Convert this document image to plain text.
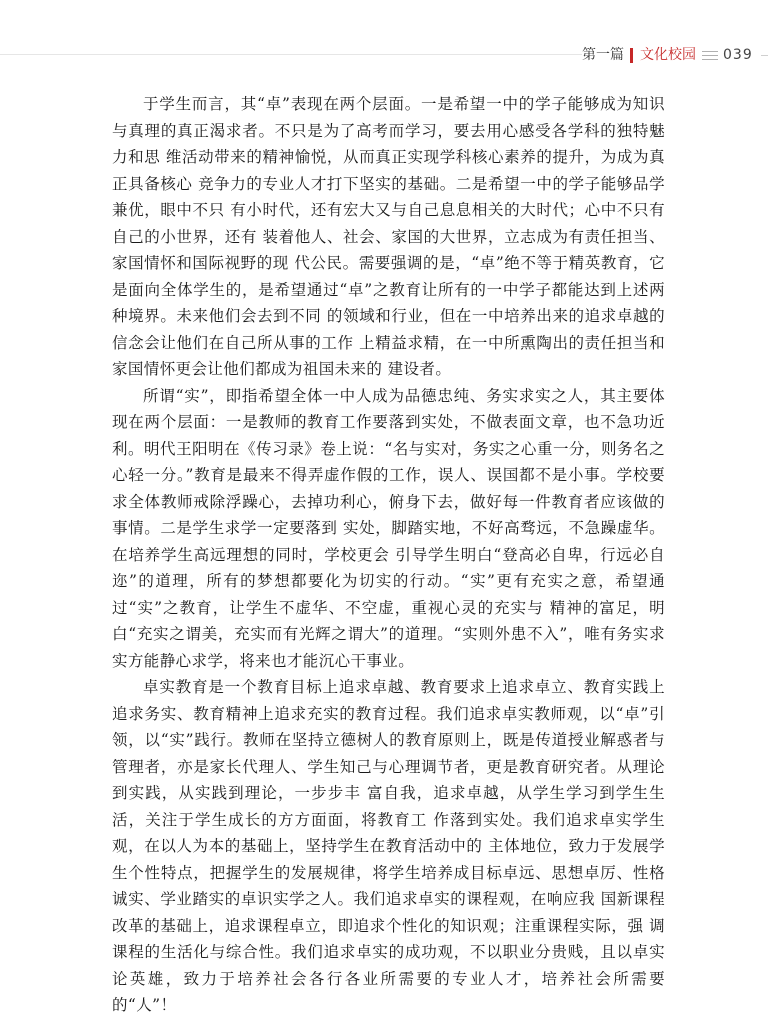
第一篇 文化校园 039

于学生而言，其“卓”表现在两个层面。一是希望一中的学子能够成为知识与真理的真正渴求者。不只是为了高考而学习，要去用心感受各学科的独特魅力和思 维活动带来的精神愉悦，从而真正实现学科核心素养的提升，为成为真正具备核心 竞争力的专业人才打下坚实的基础。二是希望一中的学子能够品学兼优，眼中不只 有小时代，还有宏大又与自己息息相关的大时代；心中不只有自己的小世界，还有 装着他人、社会、家国的大世界，立志成为有责任担当、家国情怀和国际视野的现 代公民。需要强调的是，“卓”绝不等于精英教育，它是面向全体学生的，是希望通过“卓”之教育让所有的一中学子都能达到上述两种境界。未来他们会去到不同 的领域和行业，但在一中培养出来的追求卓越的信念会让他们在自己所从事的工作 上精益求精，在一中所熏陶出的责任担当和家国情怀更会让他们都成为祖国未来的 建设者。

所谓“实”，即指希望全体一中人成为品德忠纯、务实求实之人，其主要体现在两个层面：一是教师的教育工作要落到实处，不做表面文章，也不急功近利。明代王阳明在《传习录》卷上说：“名与实对，务实之心重一分，则务名之心轻一分。”教育是最来不得弄虚作假的工作，误人、误国都不是小事。学校要求全体教师戒除浮躁心，去掉功利心，俯身下去，做好每一件教育者应该做的事情。二是学生求学一定要落到 实处，脚踏实地，不好高骛远，不急躁虚华。在培养学生高远理想的同时，学校更会 引导学生明白“登高必自卑，行远必自迩”的道理，所有的梦想都要化为切实的行动。“实”更有充实之意，希望通过“实”之教育，让学生不虚华、不空虚，重视心灵的充实与 精神的富足，明白“充实之谓美，充实而有光辉之谓大”的道理。“实则外患不入”，唯有务实求实方能静心求学，将来也才能沉心干事业。

卓实教育是一个教育目标上追求卓越、教育要求上追求卓立、教育实践上追求务实、教育精神上追求充实的教育过程。我们追求卓实教师观，以“卓”引领，以“实”践行。教师在坚持立德树人的教育原则上，既是传道授业解惑者与管理者，亦是家长代理人、学生知己与心理调节者，更是教育研究者。从理论到实践，从实践到理论，一步步丰 富自我，追求卓越，从学生学习到学生生活，关注于学生成长的方方面面，将教育工 作落到实处。我们追求卓实学生观，在以人为本的基础上，坚持学生在教育活动中的 主体地位，致力于发展学生个性特点，把握学生的发展规律，将学生培养成目标卓远、思想卓厉、性格诚实、学业踏实的卓识实学之人。我们追求卓实的课程观，在响应我 国新课程改革的基础上，追求课程卓立，即追求个性化的知识观；注重课程实际，强 调课程的生活化与综合性。我们追求卓实的成功观，不以职业分贵贱，且以卓实论英雄，致力于培养社会各行各业所需要的专业人才，培养社会所需要的“人”！
